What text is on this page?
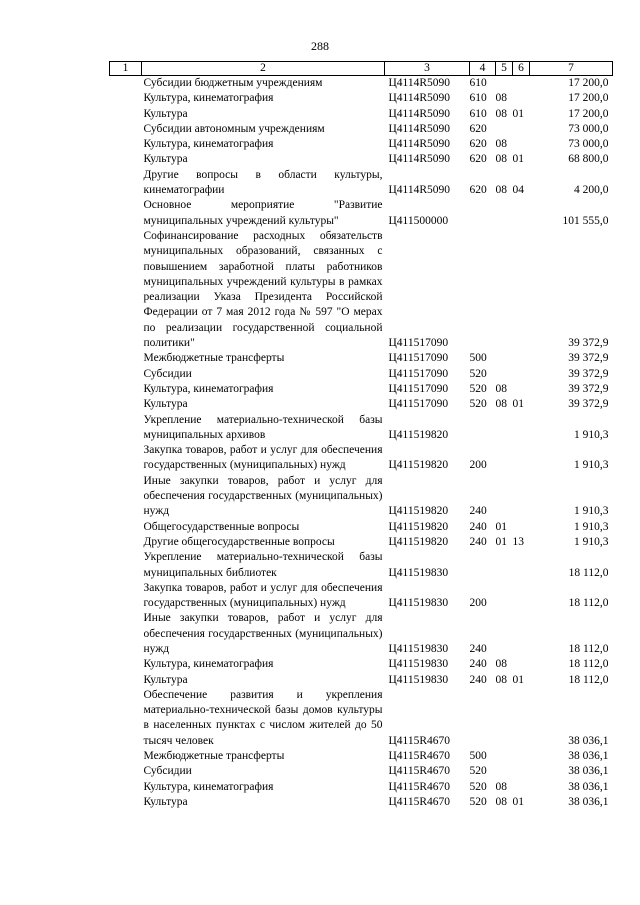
288
1	2	3	4	5	6	7
	Субсидии бюджетным учреждениям	Ц4114R5090	610			17 200,0
	Культура, кинематография	Ц4114R5090	610	08		17 200,0
	Культура	Ц4114R5090	610	08	01	17 200,0
	Субсидии автономным учреждениям	Ц4114R5090	620			73 000,0
	Культура, кинематография	Ц4114R5090	620	08		73 000,0
	Культура	Ц4114R5090	620	08	01	68 800,0
	Другие вопросы в области культуры, кинематографии	Ц4114R5090	620	08	04	4 200,0
	Основное мероприятие "Развитие муниципальных учреждений культуры"	Ц411500000				101 555,0
	Софинансирование расходных обязательств муниципальных образований, связанных с повышением заработной платы работников муниципальных учреждений культуры в рамках реализации Указа Президента Российской Федерации от 7 мая 2012 года № 597 "О мерах по реализации государственной социальной политики"	Ц411517090				39 372,9
	Межбюджетные трансферты	Ц411517090	500			39 372,9
	Субсидии	Ц411517090	520			39 372,9
	Культура, кинематография	Ц411517090	520	08		39 372,9
	Культура	Ц411517090	520	08	01	39 372,9
	Укрепление материально-технической базы муниципальных архивов	Ц411519820				1 910,3
	Закупка товаров, работ и услуг для обеспечения государственных (муниципальных) нужд	Ц411519820	200			1 910,3
	Иные закупки товаров, работ и услуг для обеспечения государственных (муниципальных) нужд	Ц411519820	240			1 910,3
	Общегосударственные вопросы	Ц411519820	240	01		1 910,3
	Другие общегосударственные вопросы	Ц411519820	240	01	13	1 910,3
	Укрепление материально-технической базы муниципальных библиотек	Ц411519830				18 112,0
	Закупка товаров, работ и услуг для обеспечения государственных (муниципальных) нужд	Ц411519830	200			18 112,0
	Иные закупки товаров, работ и услуг для обеспечения государственных (муниципальных) нужд	Ц411519830	240			18 112,0
	Культура, кинематография	Ц411519830	240	08		18 112,0
	Культура	Ц411519830	240	08	01	18 112,0
	Обеспечение развития и укрепления материально-технической базы домов культуры в населенных пунктах с числом жителей до 50 тысяч человек	Ц4115R4670				38 036,1
	Межбюджетные трансферты	Ц4115R4670	500			38 036,1
	Субсидии	Ц4115R4670	520			38 036,1
	Культура, кинематография	Ц4115R4670	520	08		38 036,1
	Культура	Ц4115R4670	520	08	01	38 036,1
